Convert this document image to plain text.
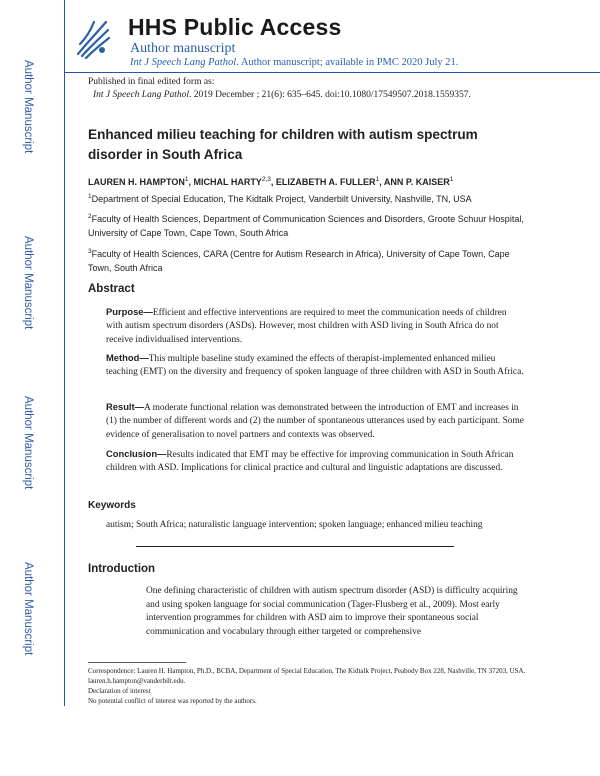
Author Manuscript
Author Manuscript
Author Manuscript
Author Manuscript
HHS Public Access
Author manuscript
Int J Speech Lang Pathol. Author manuscript; available in PMC 2020 July 21.
Published in final edited form as:
Int J Speech Lang Pathol. 2019 December ; 21(6): 635–645. doi:10.1080/17549507.2018.1559357.
Enhanced milieu teaching for children with autism spectrum disorder in South Africa
LAUREN H. HAMPTON$^1$, MICHAL HARTY$^{2,3}$, ELIZABETH A. FULLER$^1$, ANN P. KAISER$^1$
$^1$Department of Special Education, The Kidtalk Project, Vanderbilt University, Nashville, TN, USA
$^2$Faculty of Health Sciences, Department of Communication Sciences and Disorders, Groote Schuur Hospital, University of Cape Town, Cape Town, South Africa
$^3$Faculty of Health Sciences, CARA (Centre for Autism Research in Africa), University of Cape Town, Cape Town, South Africa
Abstract
Purpose—Efficient and effective interventions are required to meet the communication needs of children with autism spectrum disorders (ASDs). However, most children with ASD living in South Africa do not receive individualised interventions.
Method—This multiple baseline study examined the effects of therapist-implemented enhanced milieu teaching (EMT) on the diversity and frequency of spoken language of three children with ASD in South Africa.
Result—A moderate functional relation was demonstrated between the introduction of EMT and increases in (1) the number of different words and (2) the number of spontaneous utterances used by each participant. Some evidence of generalisation to novel partners and contexts was observed.
Conclusion—Results indicated that EMT may be effective for improving communication in South African children with ASD. Implications for clinical practice and cultural and linguistic adaptations are discussed.
Keywords
autism; South Africa; naturalistic language intervention; spoken language; enhanced milieu teaching
Introduction
One defining characteristic of children with autism spectrum disorder (ASD) is difficulty acquiring and using spoken language for social communication (Tager-Flusberg et al., 2009). Most early intervention programmes for children with ASD aim to improve their spontaneous social communication and vocabulary through either targeted or comprehensive
Correspondence: Lauren H. Hampton, Ph.D., BCBA, Department of Special Education, The Kidtalk Project, Peabody Box 228, Nashville, TN 37203, USA. lauren.h.hampton@vanderbilt.edu.
Declaration of interest
No potential conflict of interest was reported by the authors.
